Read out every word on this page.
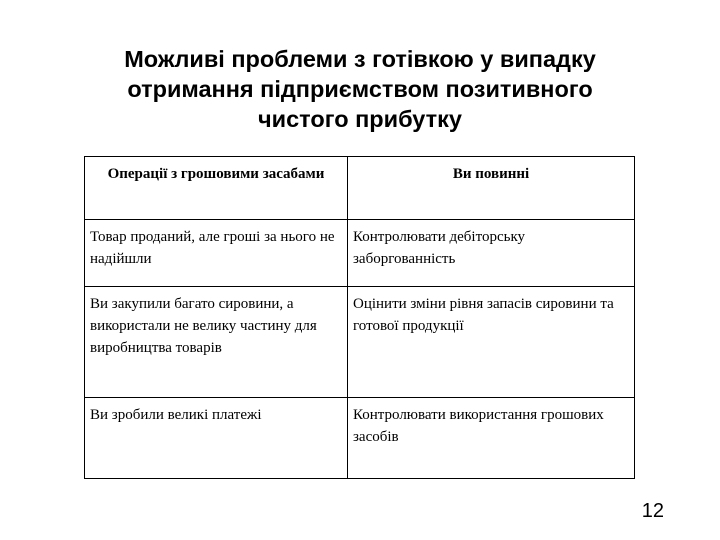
Можливі проблеми з готівкою у випадку
отримання підприємством позитивного
чистого прибутку
Операції з грошовими засабами	Ви повинні
Товар проданий, але гроші за нього не надійшли	Контролювати дебіторську заборгованність
Ви закупили багато сировини, а використали не велику частину для виробництва товарів	Оцінити зміни рівня запасів сировини та готової продукції
Ви зробили великі платежі	Контролювати використання грошових засобів
12
